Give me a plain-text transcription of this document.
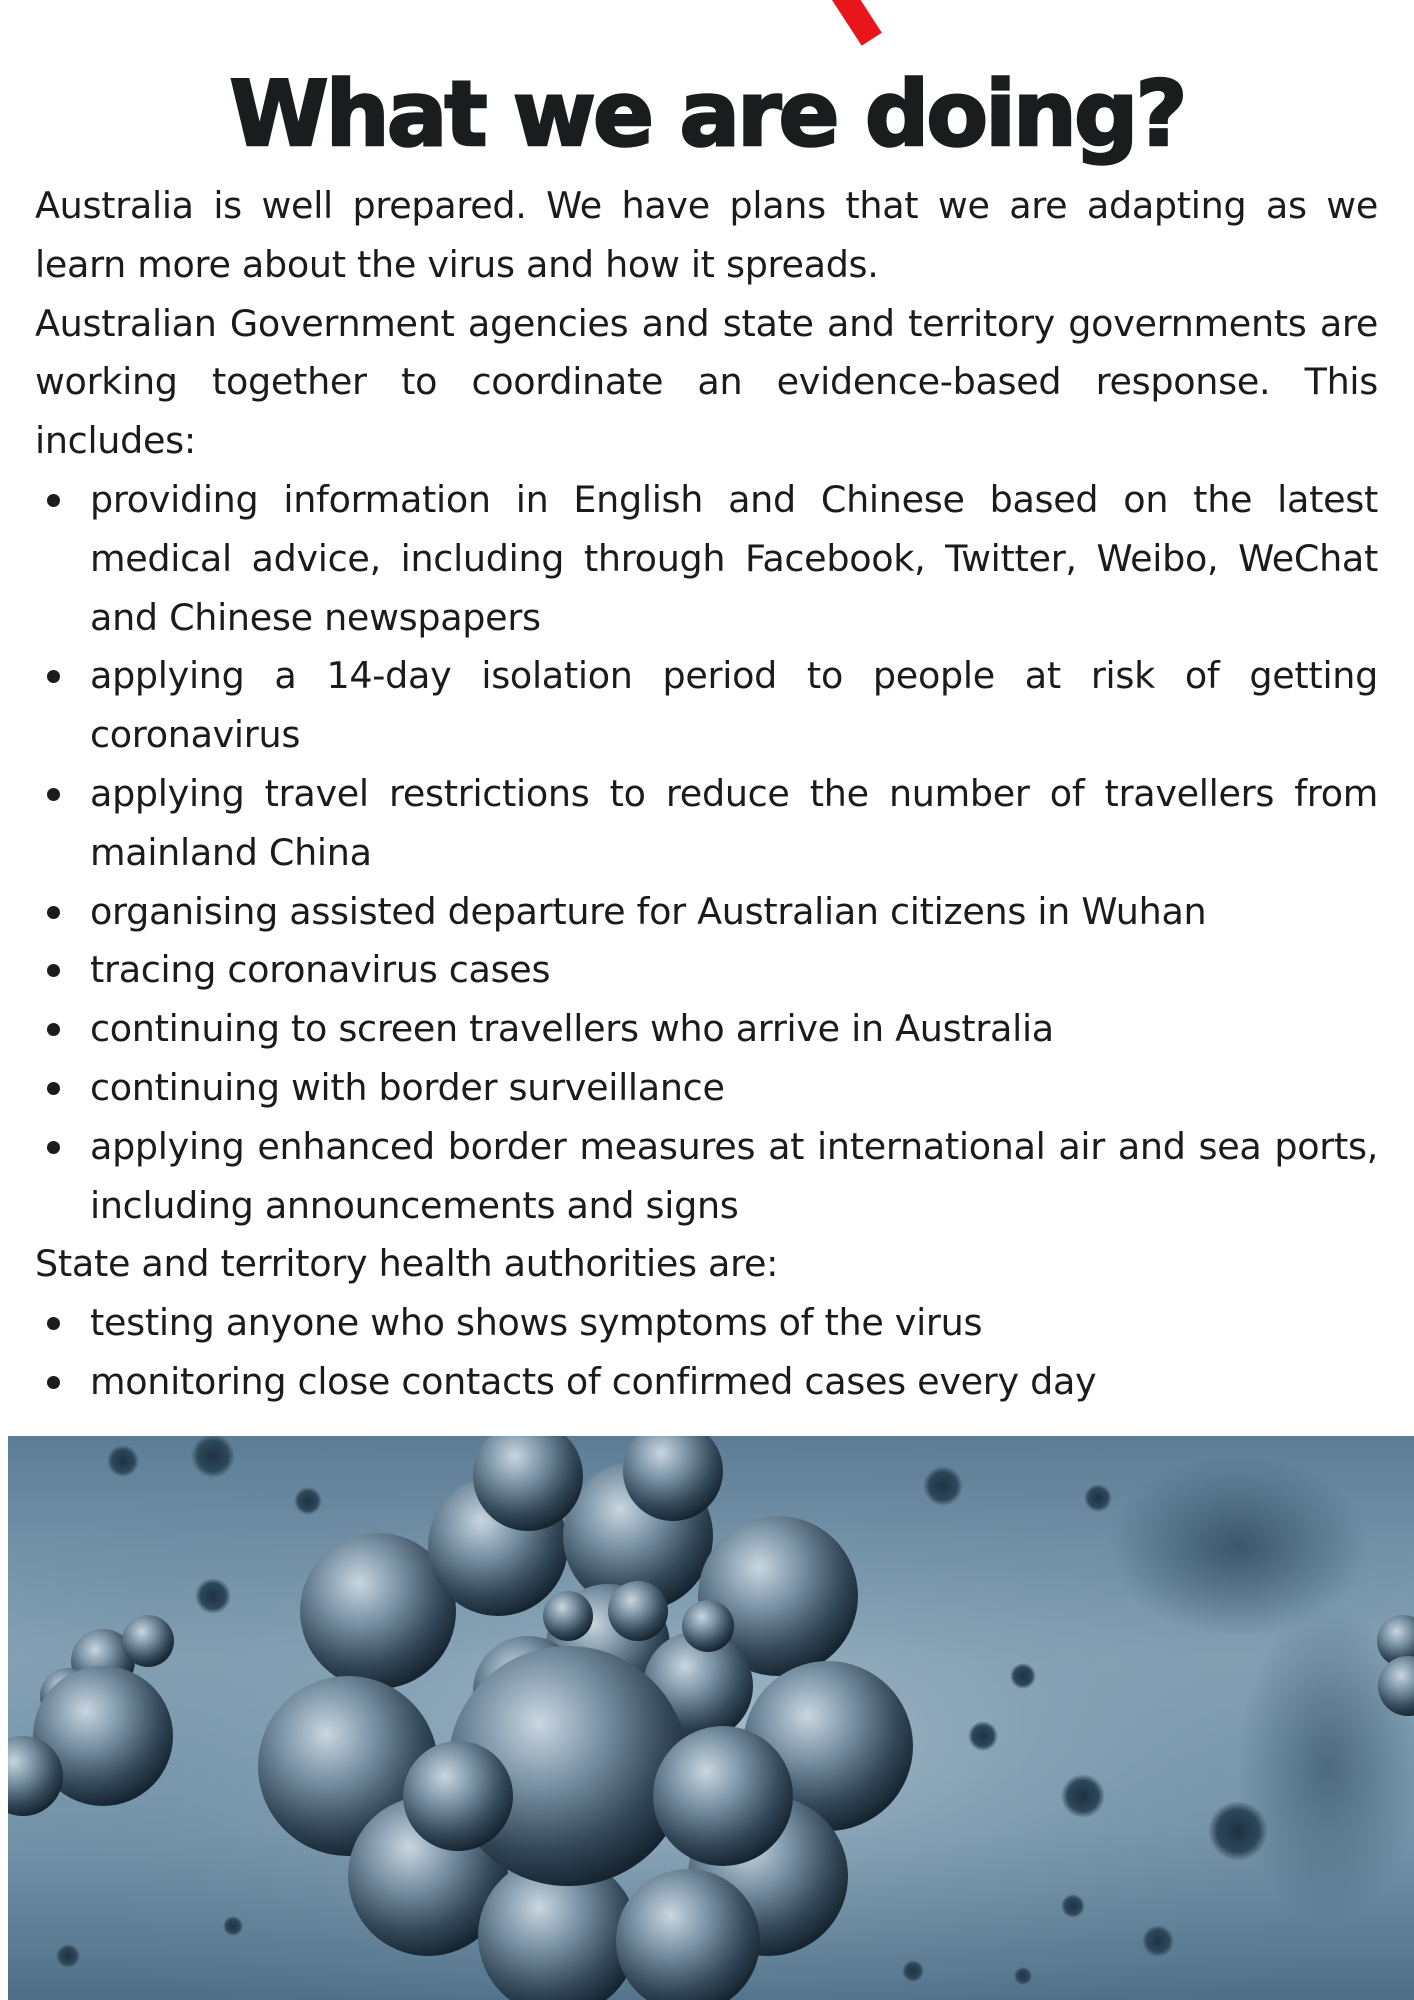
What we are doing?

Australia is well prepared. We have plans that we are adapting as we learn more about the virus and how it spreads.

Australian Government agencies and state and territory governments are working together to coordinate an evidence-based response. This includes:

providing information in English and Chinese based on the latest medical advice, including through Facebook, Twitter, Weibo, WeChat and Chinese newspapers
applying a 14-day isolation period to people at risk of getting coronavirus
applying travel restrictions to reduce the number of travellers from mainland China
organising assisted departure for Australian citizens in Wuhan
tracing coronavirus cases
continuing to screen travellers who arrive in Australia
continuing with border surveillance
applying enhanced border measures at international air and sea ports, including announcements and signs

State and territory health authorities are:

testing anyone who shows symptoms of the virus
monitoring close contacts of confirmed cases every day
